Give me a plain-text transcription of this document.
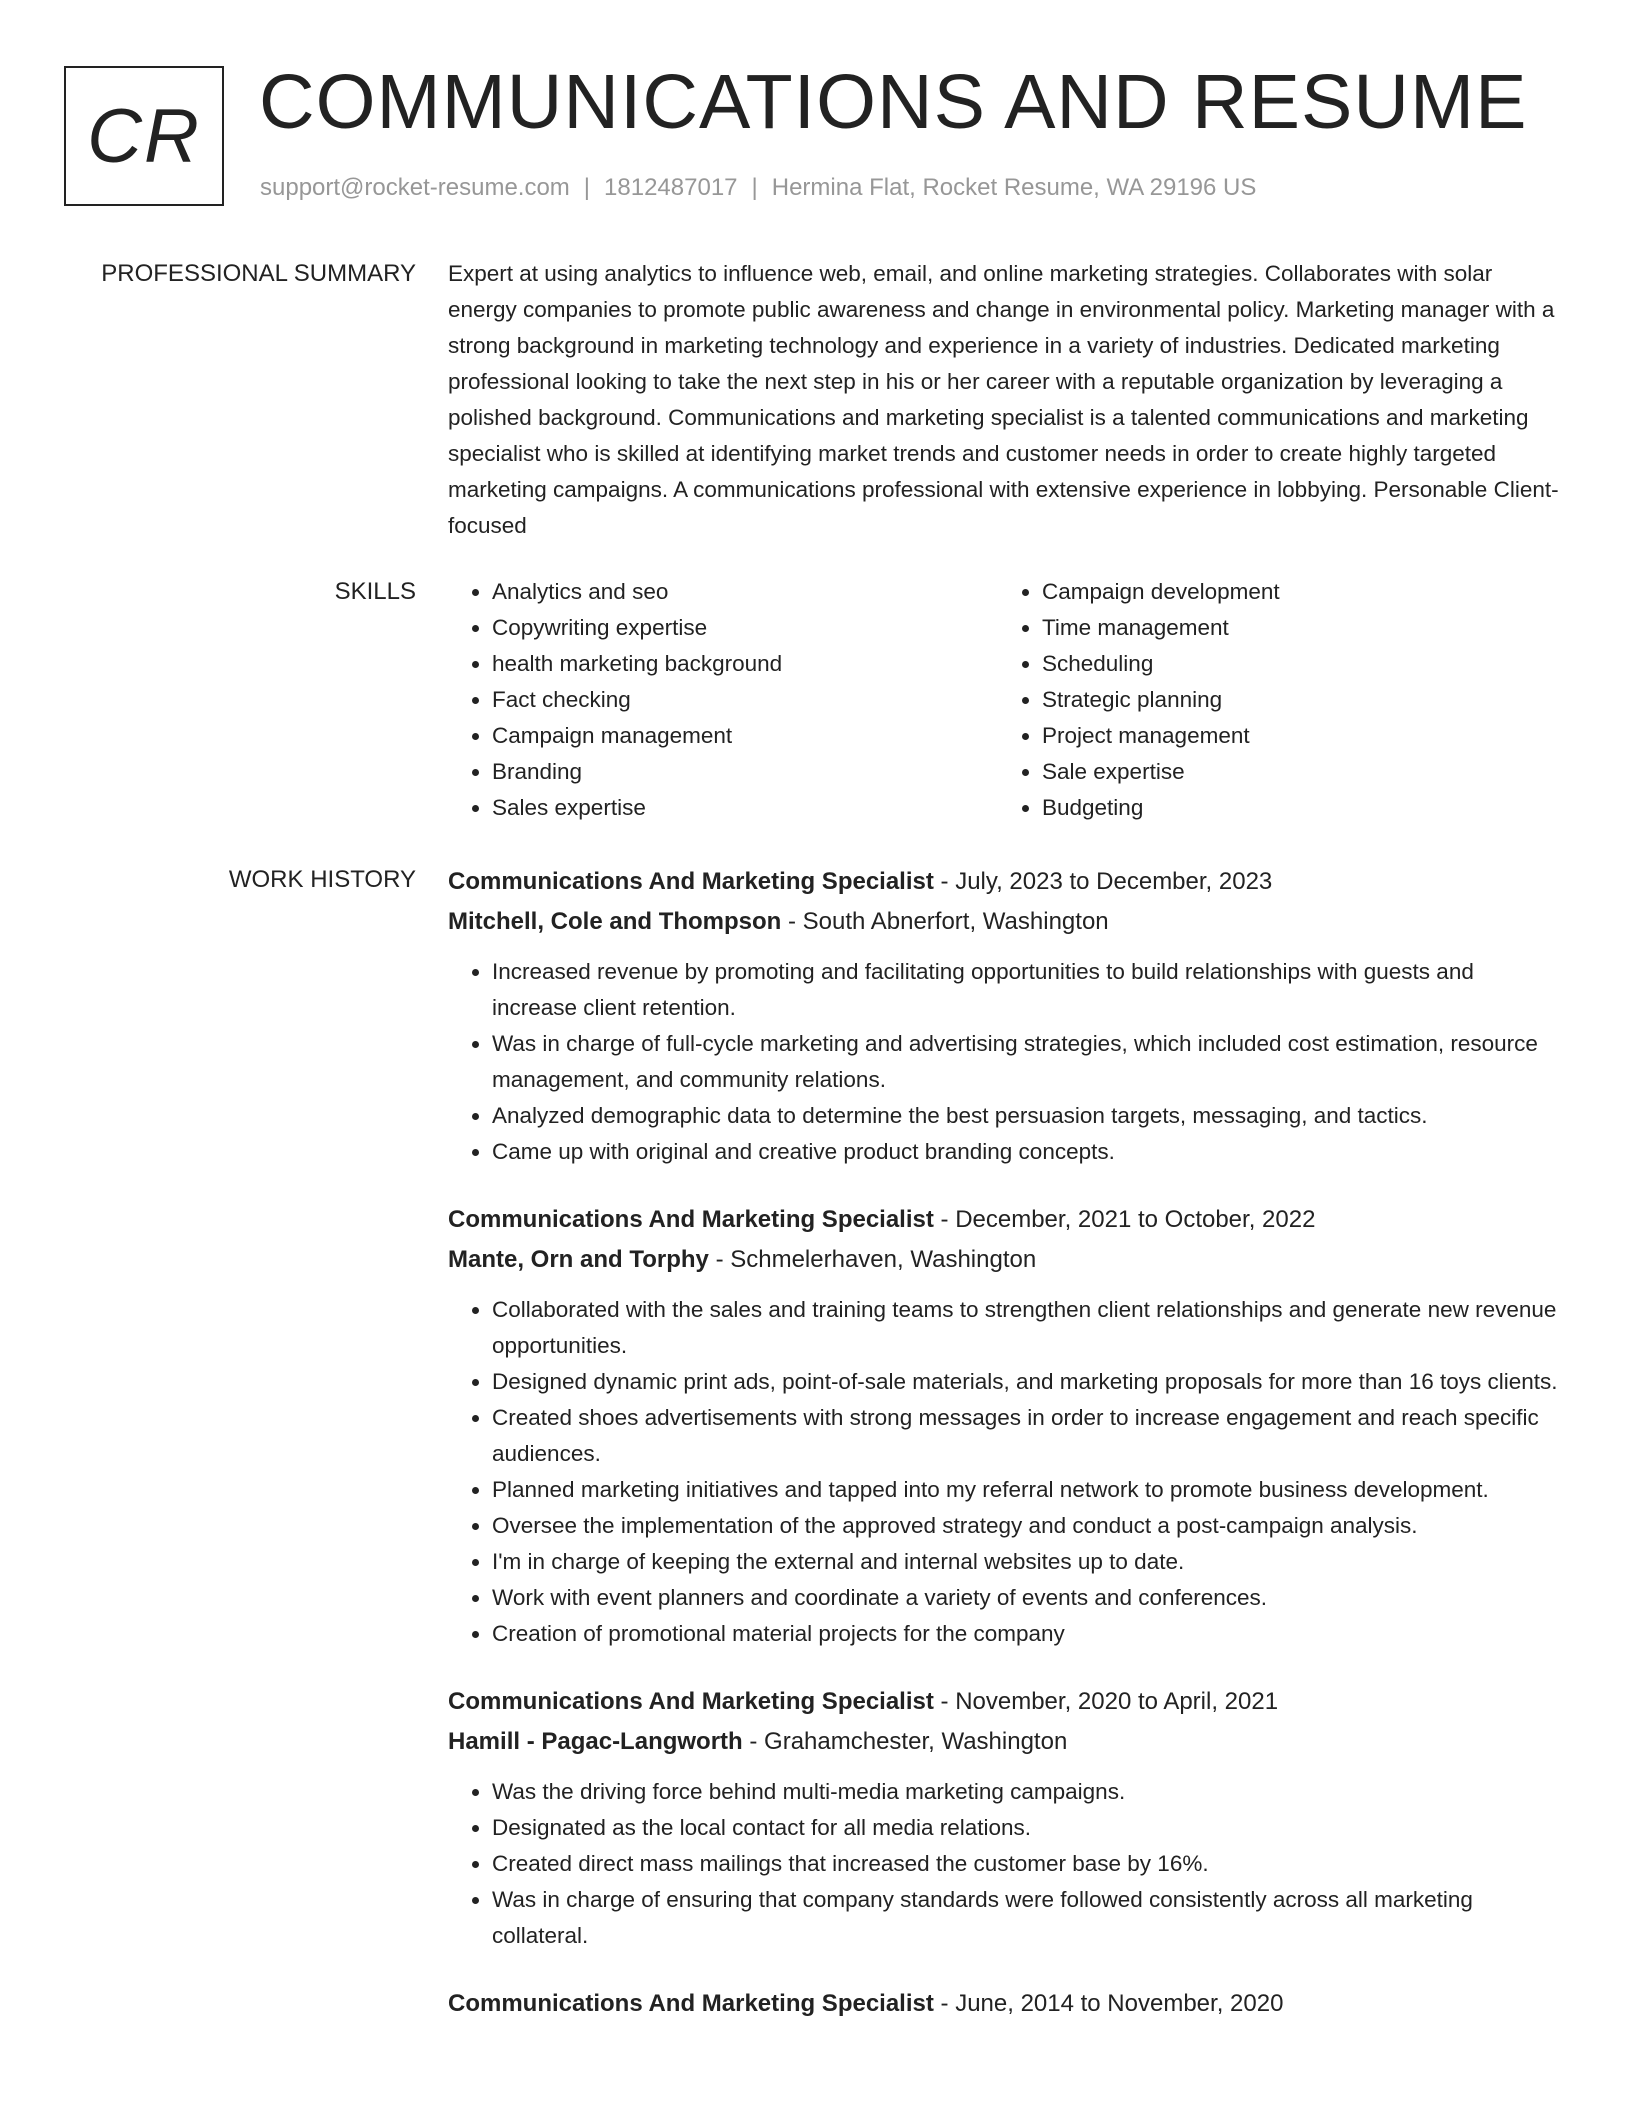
CR COMMUNICATIONS AND RESUME
support@rocket-resume.com | 1812487017 | Hermina Flat, Rocket Resume, WA 29196 US
PROFESSIONAL SUMMARY Expert at using analytics to influence web, email, and online marketing strategies. Collaborates with solar energy companies to promote public awareness and change in environmental policy. Marketing manager with a strong background in marketing technology and experience in a variety of industries. Dedicated marketing professional looking to take the next step in his or her career with a reputable organization by leveraging a polished background. Communications and marketing specialist is a talented communications and marketing specialist who is skilled at identifying market trends and customer needs in order to create highly targeted marketing campaigns. A communications professional with extensive experience in lobbying. Personable Client-focused

SKILLS
•	Analytics and seo
• Copywriting expertise
• health marketing background
• Fact checking
• Campaign management
• Branding
• Sales expertise
• Campaign development
• Time management
• Scheduling
• Strategic planning
• Project management
• Sale expertise
• Budgeting
WORK HISTORY Communications And Marketing Specialist - July, 2023 to December, 2023
Mitchell, Cole and Thompson - South Abnerfort, Washington
• Increased revenue by promoting and facilitating opportunities to build relationships with guests and increase client retention.
• Was in charge of full-cycle marketing and advertising strategies, which included cost estimation, resource management, and community relations.
• Analyzed demographic data to determine the best persuasion targets, messaging, and tactics.
• Came up with original and creative product branding concepts.
Communications And Marketing Specialist - December, 2021 to October, 2022
Mante, Orn and Torphy - Schmelerhaven, Washington
• Collaborated with the sales and training teams to strengthen client relationships and generate new revenue opportunities.
• Designed dynamic print ads, point-of-sale materials, and marketing proposals for more than 16 toys clients.
• Created shoes advertisements with strong messages in order to increase engagement and reach specific audiences.
• Planned marketing initiatives and tapped into my referral network to promote business development.
• Oversee the implementation of the approved strategy and conduct a post-campaign analysis.
• I'm in charge of keeping the external and internal websites up to date.
• Work with event planners and coordinate a variety of events and conferences.
• Creation of promotional material projects for the company
Communications And Marketing Specialist - November, 2020 to April, 2021
Hamill - Pagac-Langworth - Grahamchester, Washington
• Was the driving force behind multi-media marketing campaigns.
• Designated as the local contact for all media relations.
• Created direct mass mailings that increased the customer base by 16%.
• Was in charge of ensuring that company standards were followed consistently across all marketing collateral.
Communications And Marketing Specialist - June, 2014 to November, 2020
